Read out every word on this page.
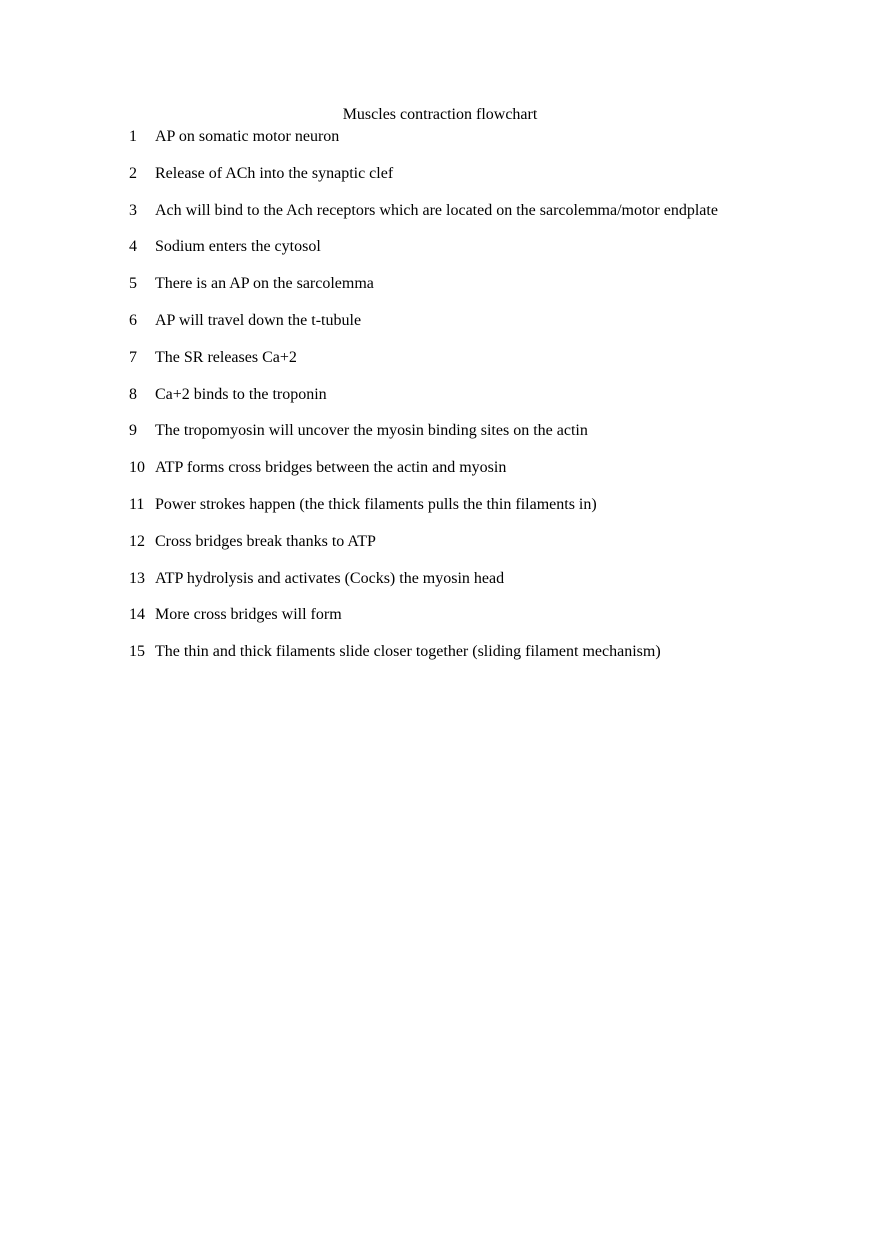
Muscles contraction flowchart
1 AP on somatic motor neuron
2 Release of ACh into the synaptic clef
3 Ach will bind to the Ach receptors which are located on the sarcolemma/motor endplate
4 Sodium enters the cytosol
5 There is an AP on the sarcolemma
6 AP will travel down the t-tubule
7 The SR releases Ca+2
8 Ca+2 binds to the troponin
9 The tropomyosin will uncover the myosin binding sites on the actin
10 ATP forms cross bridges between the actin and myosin
11 Power strokes happen (the thick filaments pulls the thin filaments in)
12 Cross bridges break thanks to ATP
13 ATP hydrolysis and activates (Cocks) the myosin head
14 More cross bridges will form
15 The thin and thick filaments slide closer together (sliding filament mechanism)
